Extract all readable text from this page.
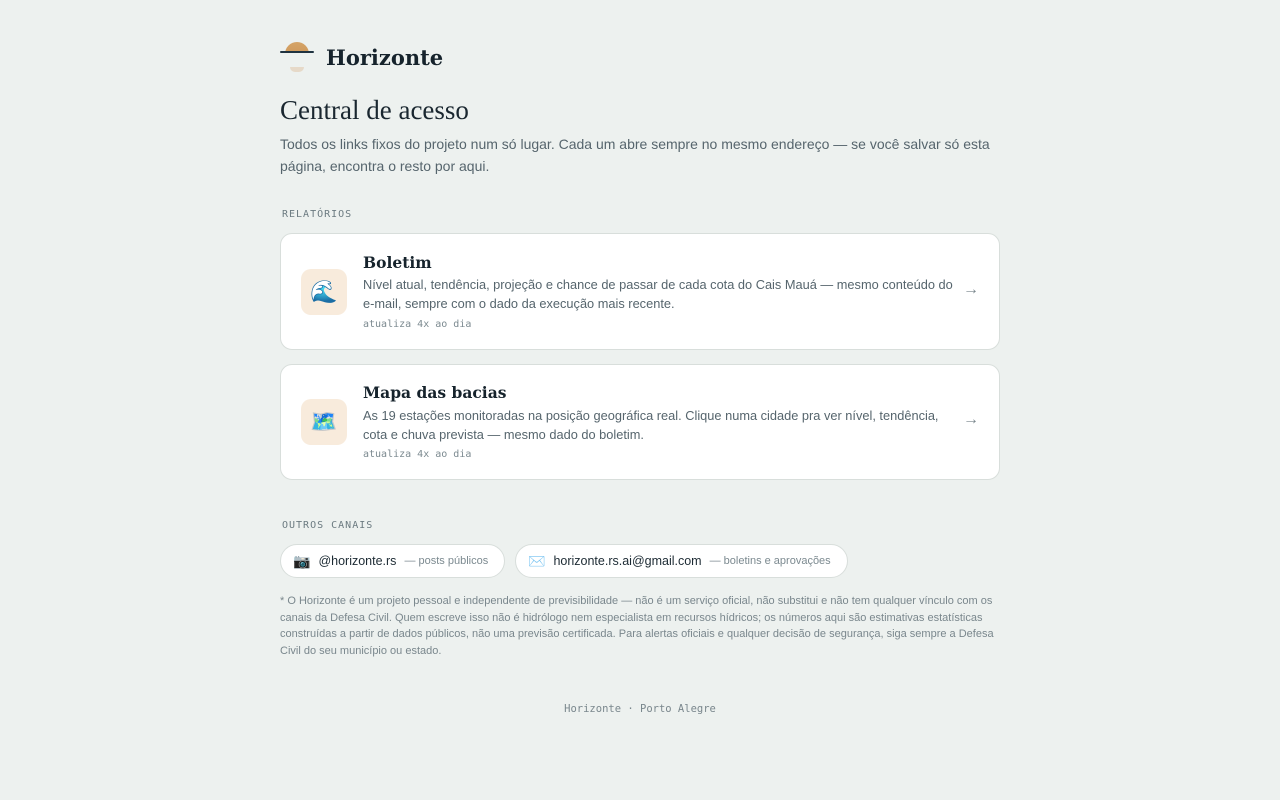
Horizonte
Central de acesso

Todos os links fixos do projeto num só lugar. Cada um abre sempre no mesmo endereço — se você salvar só esta página, encontra o resto por aqui.

RELATÓRIOS
🌊
Boletim
Nível atual, tendência, projeção e chance de passar de cada cota do Cais Mauá — mesmo conteúdo do e-mail, sempre com o dado da execução mais recente.
atualiza 4x ao dia
→
🗺️
Mapa das bacias
As 19 estações monitoradas na posição geográfica real. Clique numa cidade pra ver nível, tendência, cota e chuva prevista — mesmo dado do boletim.
atualiza 4x ao dia
→
OUTROS CANAIS
📷 @horizonte.rs — posts públicos	✉️ horizonte.rs.ai@gmail.com — boletins e aprovações

* O Horizonte é um projeto pessoal e independente de previsibilidade — não é um serviço oficial, não substitui e não tem qualquer vínculo com os canais da Defesa Civil. Quem escreve isso não é hidrólogo nem especialista em recursos hídricos; os números aqui são estimativas estatísticas construídas a partir de dados públicos, não uma previsão certificada. Para alertas oficiais e qualquer decisão de segurança, siga sempre a Defesa Civil do seu município ou estado.

Horizonte · Porto Alegre
